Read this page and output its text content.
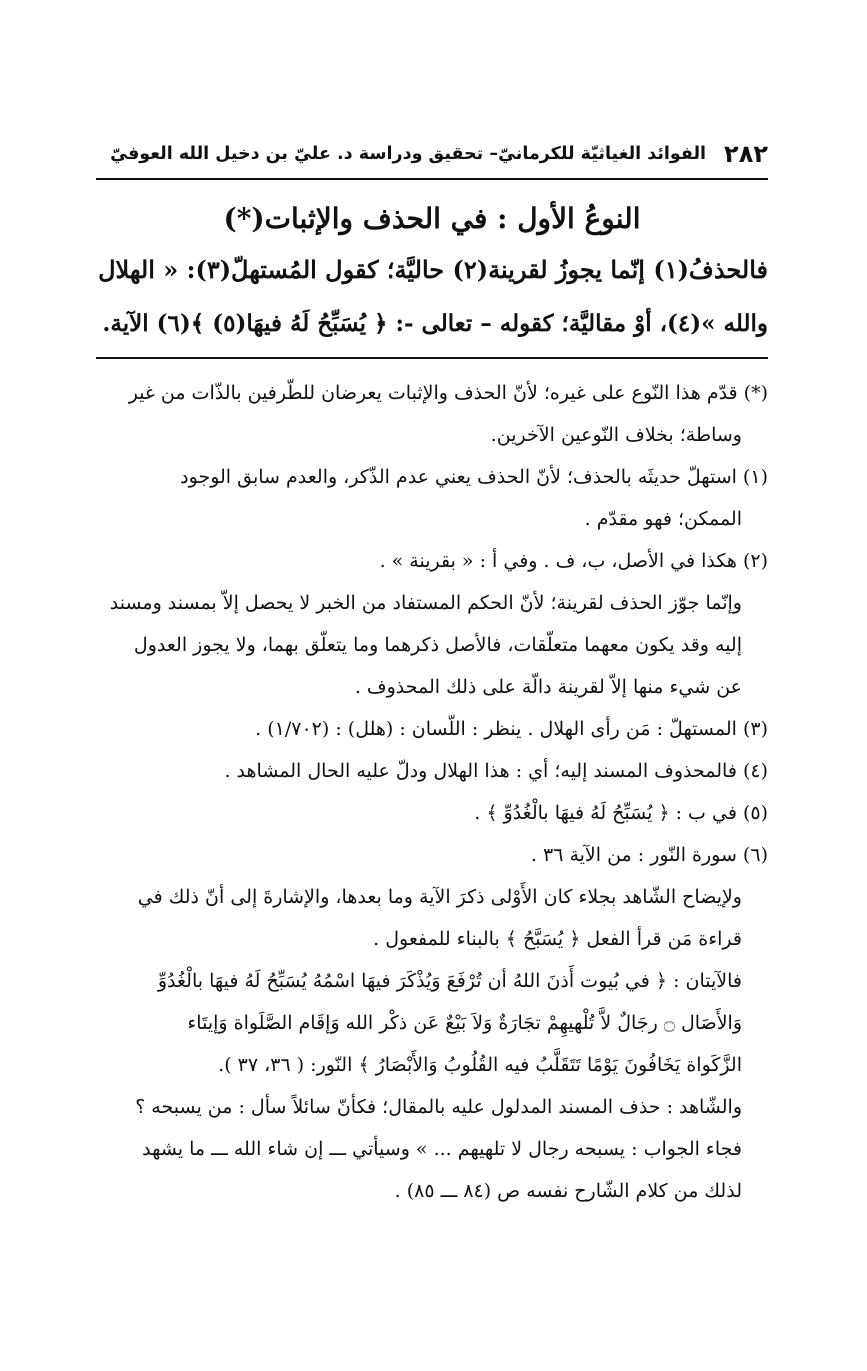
٢٨٢
الفوائد الغياثيّة للكرمانيّ– تحقيق ودراسة د. عليّ بن دخيل الله العوفيّ
النوعُ الأول : في الحذف والإثبات(*)
فالحذفُ(١) إنّما يجوزُ لقرينة(٢) حاليَّة؛ كقول المُستهلّ(٣): « الهلال
والله »(٤)، أوْ مقاليَّة؛ كقوله – تعالى -: ﴿ يُسَبِّحُ لَهُ فيهَا(٥) ﴾(٦) الآية.
(*) قدّم هذا النّوع على غيره؛ لأنّ الحذف والإثبات يعرضان للطّرفين بالذّات من غير
وساطة؛ بخلاف النّوعين الآخرين.
(١) استهلّ حديثَه بالحذف؛ لأنّ الحذف يعني عدم الذّكر، والعدم سابق الوجود
الممكن؛ فهو مقدّم .
(٢) هكذا في الأصل، ب، ف . وفي أ : « بقرينة » .
وإنّما جوّز الحذف لقرينة؛ لأنّ الحكم المستفاد من الخبر لا يحصل إلاّ بمسند ومسند
إليه وقد يكون معهما متعلّقات، فالأصل ذكرهما وما يتعلّق بهما، ولا يجوز العدول
عن شيء منها إلاّ لقرينة دالّة على ذلك المحذوف .
(٣) المستهلّ : مَن رأى الهلال . ينظر : اللّسان : (هلل) : (١/٧٠٢) .
(٤) فالمحذوف المسند إليه؛ أي : هذا الهلال ودلّ عليه الحال المشاهد .
(٥) في ب : ﴿ يُسَبِّحُ لَهُ فيهَا بالْغُدُوِّ ﴾ .
(٦) سورة النّور : من الآية ٣٦ .
ولإيضاح الشّاهد بجلاء كان الأَوْلى ذكرَ الآية وما بعدها، والإشارةَ إلى أنّ ذلك في
قراءة مَن قرأ الفعل ﴿ يُسَبَّحُ ﴾ بالبناء للمفعول .
فالآيتان : ﴿ في بُيوت أَذنَ اللهُ أن تُرْفَعَ وَيُذْكَرَ فيهَا اسْمُهُ يُسَبِّحُ لَهُ فيهَا بالْغُدُوِّ
وَالأَصَال ۝ رجَالٌ لاَّ تُلْهيهِمْ تجَارَةٌ وَلاَ بَيْعٌ عَن ذكْر الله وَإقَام الصَّلَواة وَإيتَاء
الزَّكَواة يَخَافُونَ يَوْمًا تَتَقَلَّبُ فيه القُلُوبُ وَالأَبْصَارُ ﴾ النّور: ( ٣٦، ٣٧ ).
والشّاهد : حذف المسند المدلول عليه بالمقال؛ فكأنّ سائلاً سأل : من يسبحه ؟
فجاء الجواب : يسبحه رجال لا تلهيهم ... » وسيأتي ـــ إن شاء الله ـــ ما يشهد
لذلك من كلام الشّارح نفسه ص (٨٤ ـــ ٨٥) .
